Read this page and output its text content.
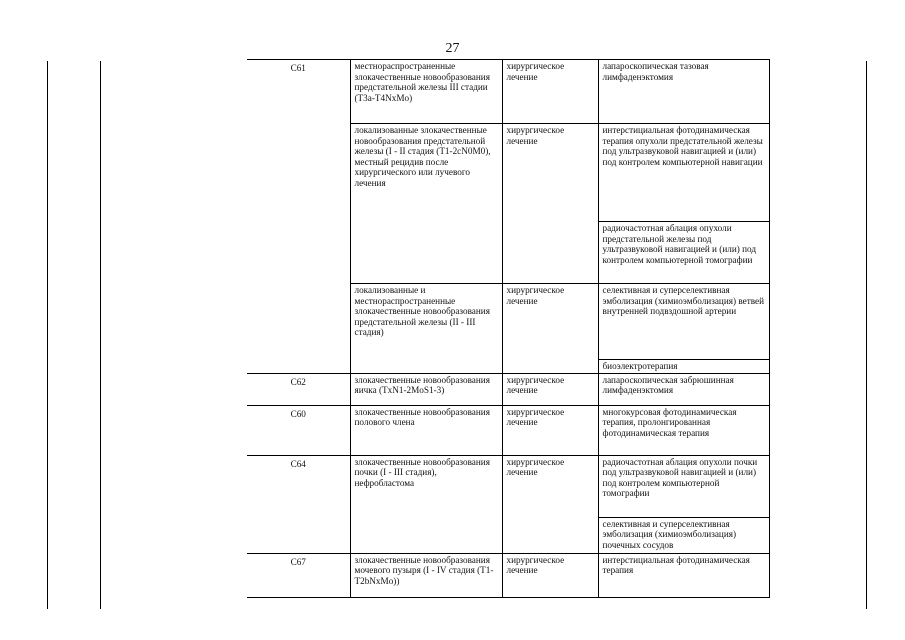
27
C61	местнораспространенные злокачественные новообразования предстательной железы III стадии (T3a-T4NxMo)	хирургическое лечение	лапароскопическая тазовая лимфаденэктомия
	локализованные злокачественные новообразования предстательной железы (I - II стадия (T1-2cN0M0), местный рецидив после хирургического или лучевого лечения	хирургическое лечение	интерстициальная фотодинамическая терапия опухоли предстательной железы под ультразвуковой навигацией и (или) под контролем компьютерной навигации
			радиочастотная аблация опухоли предстательной железы под ультразвуковой навигацией и (или) под контролем компьютерной томографии
	локализованные и местнораспространенные злокачественные новообразования предстательной железы (II - III стадия)	хирургическое лечение	селективная и суперселективная эмболизация (химиоэмболизация) ветвей внутренней подвздошной артерии
			биоэлектротерапия
C62	злокачественные новообразования яичка (TxN1-2MoS1-3)	хирургическое лечение	лапароскопическая забрюшинная лимфаденэктомия
C60	злокачественные новообразования полового члена	хирургическое лечение	многокурсовая фотодинамическая терапия, пролонгированная фотодинамическая терапия
C64	злокачественные новообразования почки (I - III стадия), нефробластома	хирургическое лечение	радиочастотная аблация опухоли почки под ультразвуковой навигацией и (или) под контролем компьютерной томографии
			селективная и суперселективная эмболизация (химиоэмболизация) почечных сосудов
C67	злокачественные новообразования мочевого пузыря (I - IV стадия (T1-T2bNxMo))	хирургическое лечение	интерстициальная фотодинамическая терапия
